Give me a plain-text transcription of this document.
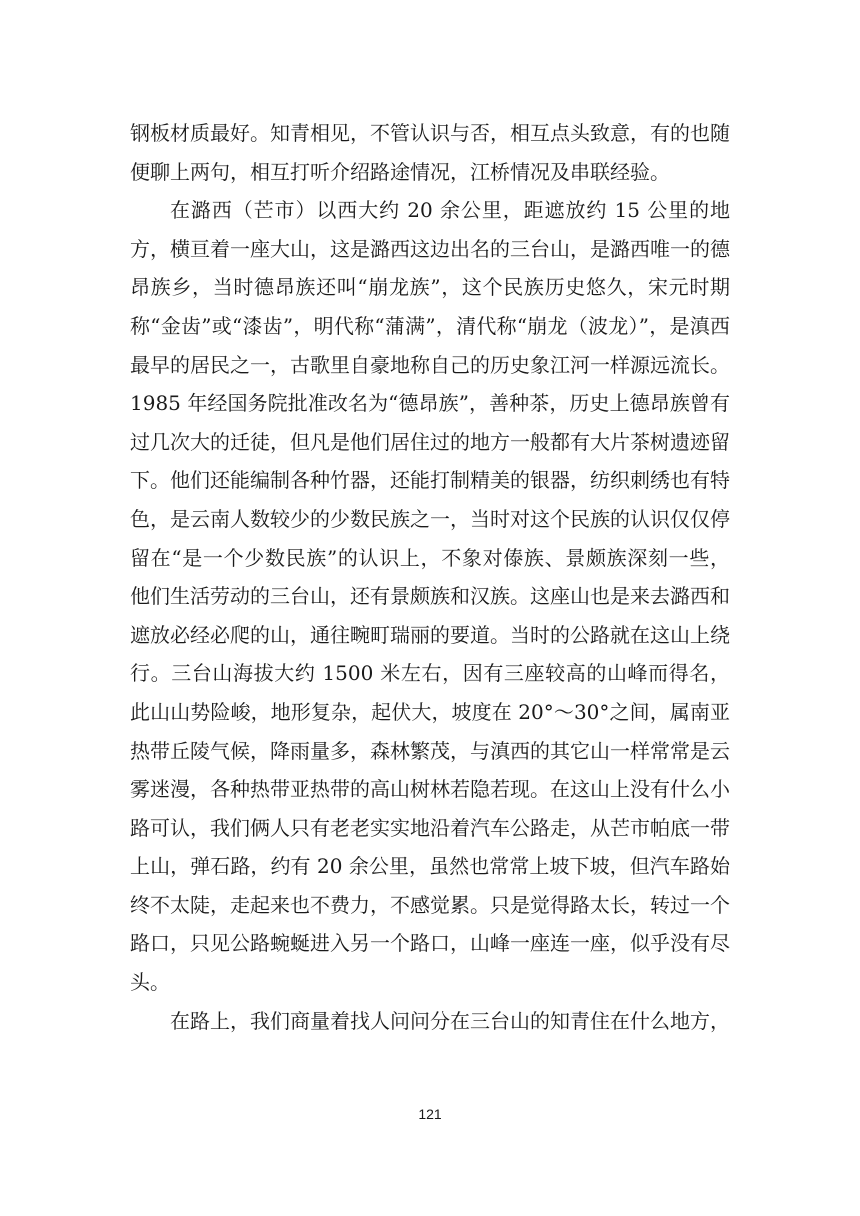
钢板材质最好。知青相见，不管认识与否，相互点头致意，有的也随便聊上两句，相互打听介绍路途情况，江桥情况及串联经验。

在潞西（芒市）以西大约 20 余公里，距遮放约 15 公里的地方，横亘着一座大山，这是潞西这边出名的三台山，是潞西唯一的德昂族乡，当时德昂族还叫“崩龙族”，这个民族历史悠久，宋元时期称“金齿”或“漆齿”，明代称“蒲满”，清代称“崩龙（波龙）”，是滇西最早的居民之一，古歌里自豪地称自己的历史象江河一样源远流长。1985 年经国务院批准改名为“德昂族”，善种茶，历史上德昂族曾有过几次大的迁徒，但凡是他们居住过的地方一般都有大片茶树遗迹留下。他们还能编制各种竹器，还能打制精美的银器，纺织刺绣也有特色，是云南人数较少的少数民族之一，当时对这个民族的认识仅仅停留在“是一个少数民族”的认识上，不象对傣族、景颇族深刻一些，他们生活劳动的三台山，还有景颇族和汉族。这座山也是来去潞西和遮放必经必爬的山，通往畹町瑞丽的要道。当时的公路就在这山上绕行。三台山海拔大约 1500 米左右，因有三座较高的山峰而得名，此山山势险峻，地形复杂，起伏大，坡度在 20°～30°之间，属南亚热带丘陵气候，降雨量多，森林繁茂，与滇西的其它山一样常常是云雾迷漫，各种热带亚热带的高山树林若隐若现。在这山上没有什么小路可认，我们俩人只有老老实实地沿着汽车公路走，从芒市帕底一带上山，弹石路，约有 20 余公里，虽然也常常上坡下坡，但汽车路始终不太陡，走起来也不费力，不感觉累。只是觉得路太长，转过一个路口，只见公路蜿蜒进入另一个路口，山峰一座连一座，似乎没有尽头。

在路上，我们商量着找人问问分在三台山的知青住在什么地方，

121
